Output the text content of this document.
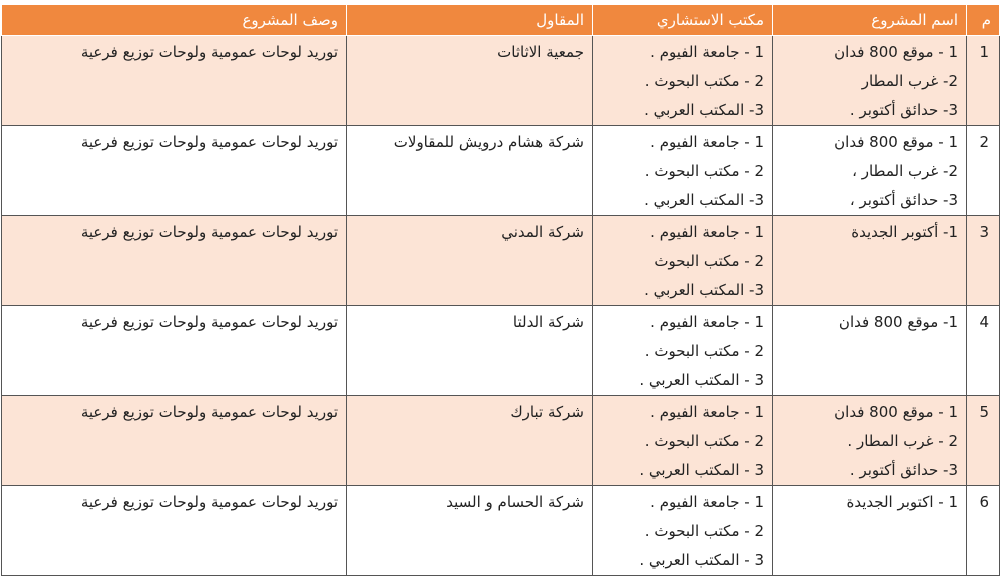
م	اسم المشروع	مكتب الاستشاري	المقاول	وصف المشروع
1	1 - موقع 800 فدان
2- غرب المطار
3- حدائق أكتوبر .	1 - جامعة الفيوم .
2 - مكتب البحوث .
3- المكتب العربي .	جمعية الاثاثات	توريد لوحات عمومية ولوحات توزيع فرعية
2	1 - موقع 800 فدان
2- غرب المطار ،
3- حدائق أكتوبر ،	1 - جامعة الفيوم .
2 - مكتب البحوث .
3- المكتب العربي .	شركة هشام درويش للمقاولات	توريد لوحات عمومية ولوحات توزيع فرعية
3	1- أكتوبر الجديدة	1 - جامعة الفيوم .
2 - مكتب البحوث
3- المكتب العربي .	شركة المدني	توريد لوحات عمومية ولوحات توزيع فرعية
4	1- موقع 800 فدان	1 - جامعة الفيوم .
2 - مكتب البحوث .
3 - المكتب العربي .	شركة الدلتا	توريد لوحات عمومية ولوحات توزيع فرعية
5	1 - موقع 800 فدان
2 - غرب المطار .
3- حدائق أكتوبر .	1 - جامعة الفيوم .
2 - مكتب البحوث .
3 - المكتب العربي .	شركة تبارك	توريد لوحات عمومية ولوحات توزيع فرعية
6	1 - اكتوبر الجديدة	1 - جامعة الفيوم .
2 - مكتب البحوث .
3 - المكتب العربي .	شركة الحسام و السيد	توريد لوحات عمومية ولوحات توزيع فرعية
